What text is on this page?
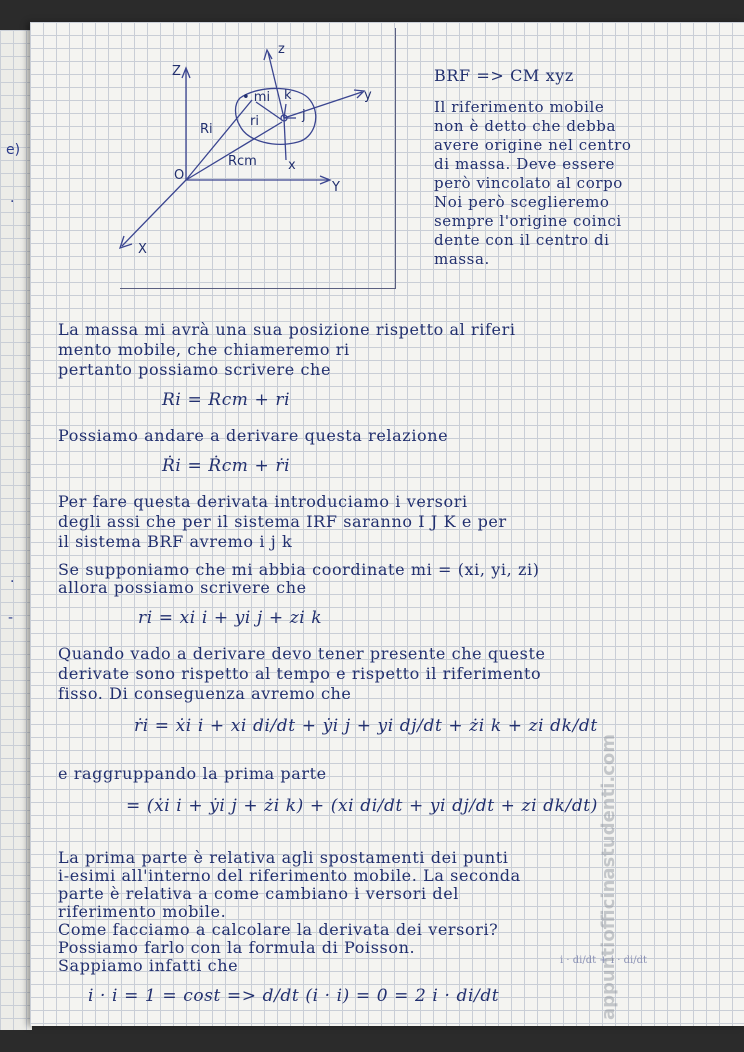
e)
.
.
-
Z
Y
X
O
z
y
x
• mi k
j
Ri
Rcm
ri
BRF => CM xyz
Il riferimento mobile
non è detto che debba
avere origine nel centro
di massa. Deve essere
però vincolato al corpo
Noi però sceglieremo
sempre l'origine coinci
dente con il centro di
massa.
La massa mi avrà una sua posizione rispetto al riferi
mento mobile, che chiameremo ri
pertanto possiamo scrivere che
Ri = Rcm + ri
Possiamo andare a derivare questa relazione
Ṙi = Ṙcm + ṙi
Per fare questa derivata introduciamo i versori
degli assi che per il sistema IRF saranno I J K e per
il sistema BRF avremo i j k
Se supponiamo che mi abbia coordinate mi = (xi, yi, zi)
allora possiamo scrivere che
ri = xi i + yi j + zi k
Quando vado a derivare devo tener presente che queste
derivate sono rispetto al tempo e rispetto il riferimento
fisso. Di conseguenza avremo che
ṙi = ẋi i + xi di/dt + ẏi j + yi dj/dt + żi k + zi dk/dt
e raggruppando la prima parte
= (ẋi i + ẏi j + żi k) + (xi di/dt + yi dj/dt + zi dk/dt)
La prima parte è relativa agli spostamenti dei punti
i-esimi all'interno del riferimento mobile. La seconda
parte è relativa a come cambiano i versori del
riferimento mobile.
Come facciamo a calcolare la derivata dei versori?
Possiamo farlo con la formula di Poisson.
Sappiamo infatti che	i · di/dt + i · di/dt
i · i = 1 = cost => d/dt (i · i) = 0 = 2 i · di/dt	appuntiofficinastudenti.com
